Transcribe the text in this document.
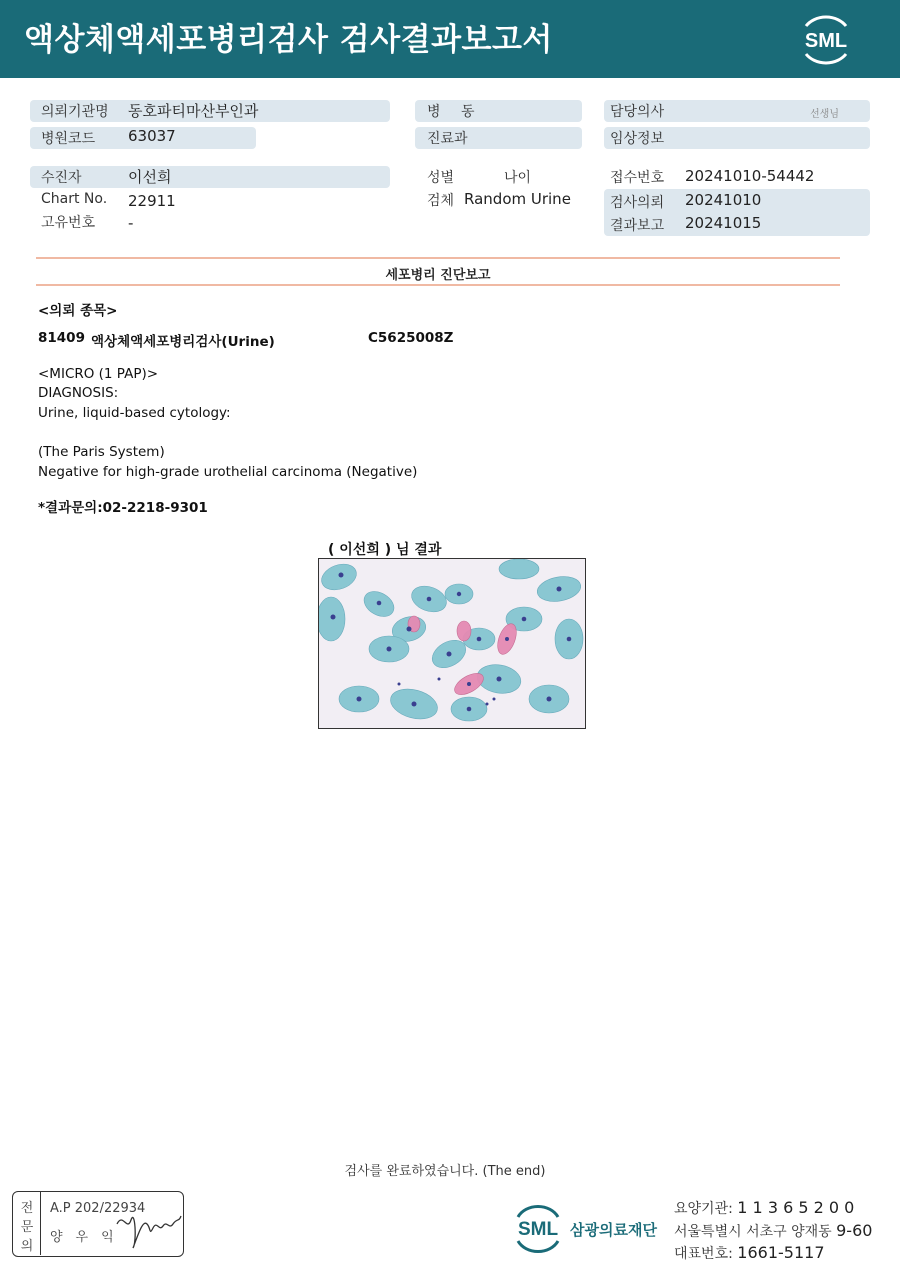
액상체액세포병리검사 검사결과보고서	SML
의뢰기관명 동호파티마산부인과	병 동	담당의사	선생님
병원코드 63037	진료과	임상정보
수진자	이선희
Chart No. 22911
고유번호 -
성별	나이
검체 Random Urine
접수번호 20241010-54442
검사의뢰 20241010
결과보고 20241015
세포병리 진단보고
<의뢰 종목>
81409 액상체액세포병리검사(Urine)	C5625008Z
<MICRO (1 PAP)>
DIAGNOSIS:
Urine, liquid-based cytology:
(The Paris System)
Negative for high-grade urothelial carcinoma (Negative)
*결과문의:02-2218-9301
( 이선희 ) 님 결과
검사를 완료하였습니다. (The end)
전
문
의
A.P 202/22934
양우익	SML 삼광의료재단
요양기관: 1 1 3 6 5 2 0 0
서울특별시 서초구 양재동 9-60
대표번호: 1661-5117
